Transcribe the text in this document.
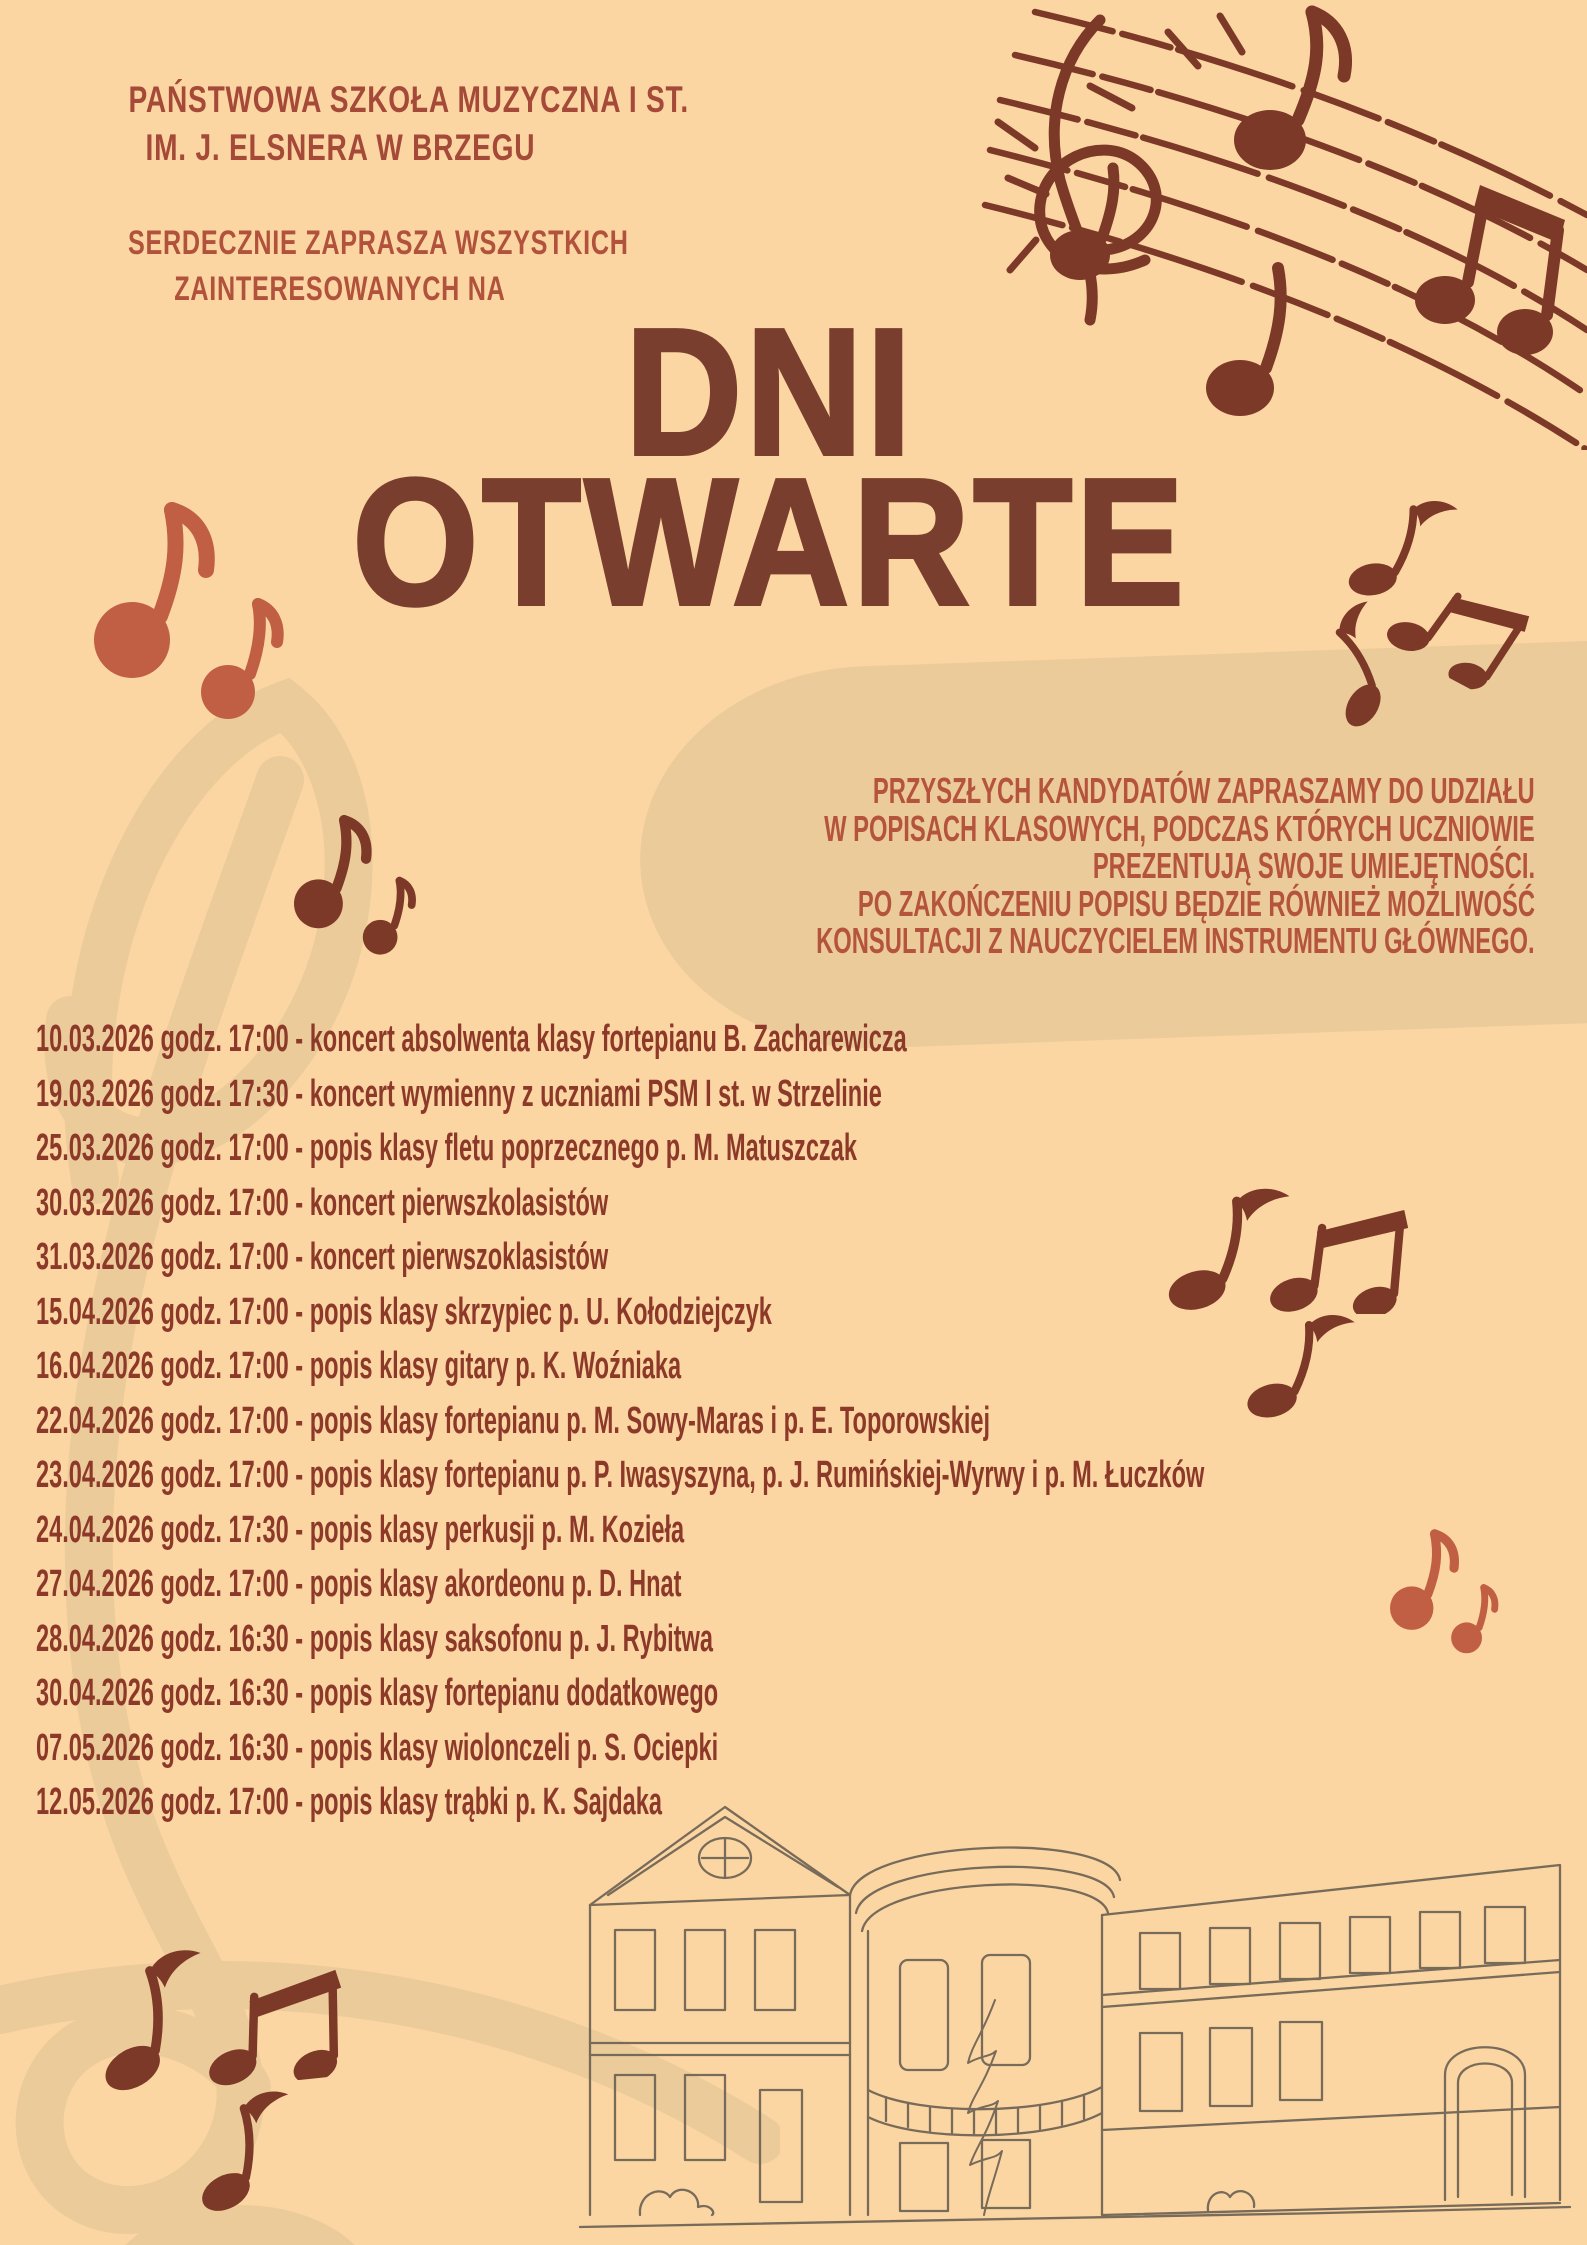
PAŃSTWOWA SZKOŁA MUZYCZNA I ST.
IM. J. ELSNERA W BRZEGU
SERDECZNIE ZAPRASZA WSZYSTKICH
ZAINTERESOWANYCH NA
DNI
OTWARTE
PRZYSZŁYCH KANDYDATÓW ZAPRASZAMY DO UDZIAŁU
W POPISACH KLASOWYCH, PODCZAS KTÓRYCH UCZNIOWIE
PREZENTUJĄ SWOJE UMIEJĘTNOŚCI.
PO ZAKOŃCZENIU POPISU BĘDZIE RÓWNIEŻ MOŻLIWOŚĆ
KONSULTACJI Z NAUCZYCIELEM INSTRUMENTU GŁÓWNEGO.
10.03.2026 godz. 17:00 - koncert absolwenta klasy fortepianu B. Zacharewicza
19.03.2026 godz. 17:30 - koncert wymienny z uczniami PSM I st. w Strzelinie
25.03.2026 godz. 17:00 - popis klasy fletu poprzecznego p. M. Matuszczak
30.03.2026 godz. 17:00 - koncert pierwszkolasistów
31.03.2026 godz. 17:00 - koncert pierwszoklasistów
15.04.2026 godz. 17:00 - popis klasy skrzypiec p. U. Kołodziejczyk
16.04.2026 godz. 17:00 - popis klasy gitary p. K. Woźniaka
22.04.2026 godz. 17:00 - popis klasy fortepianu p. M. Sowy-Maras i p. E. Toporowskiej
23.04.2026 godz. 17:00 - popis klasy fortepianu p. P. Iwasyszyna, p. J. Rumińskiej-Wyrwy i p. M. Łuczków
24.04.2026 godz. 17:30 - popis klasy perkusji p. M. Kozieła
27.04.2026 godz. 17:00 - popis klasy akordeonu p. D. Hnat
28.04.2026 godz. 16:30 - popis klasy saksofonu p. J. Rybitwa
30.04.2026 godz. 16:30 - popis klasy fortepianu dodatkowego
07.05.2026 godz. 16:30 - popis klasy wiolonczeli p. S. Ociepki
12.05.2026 godz. 17:00 - popis klasy trąbki p. K. Sajdaka
